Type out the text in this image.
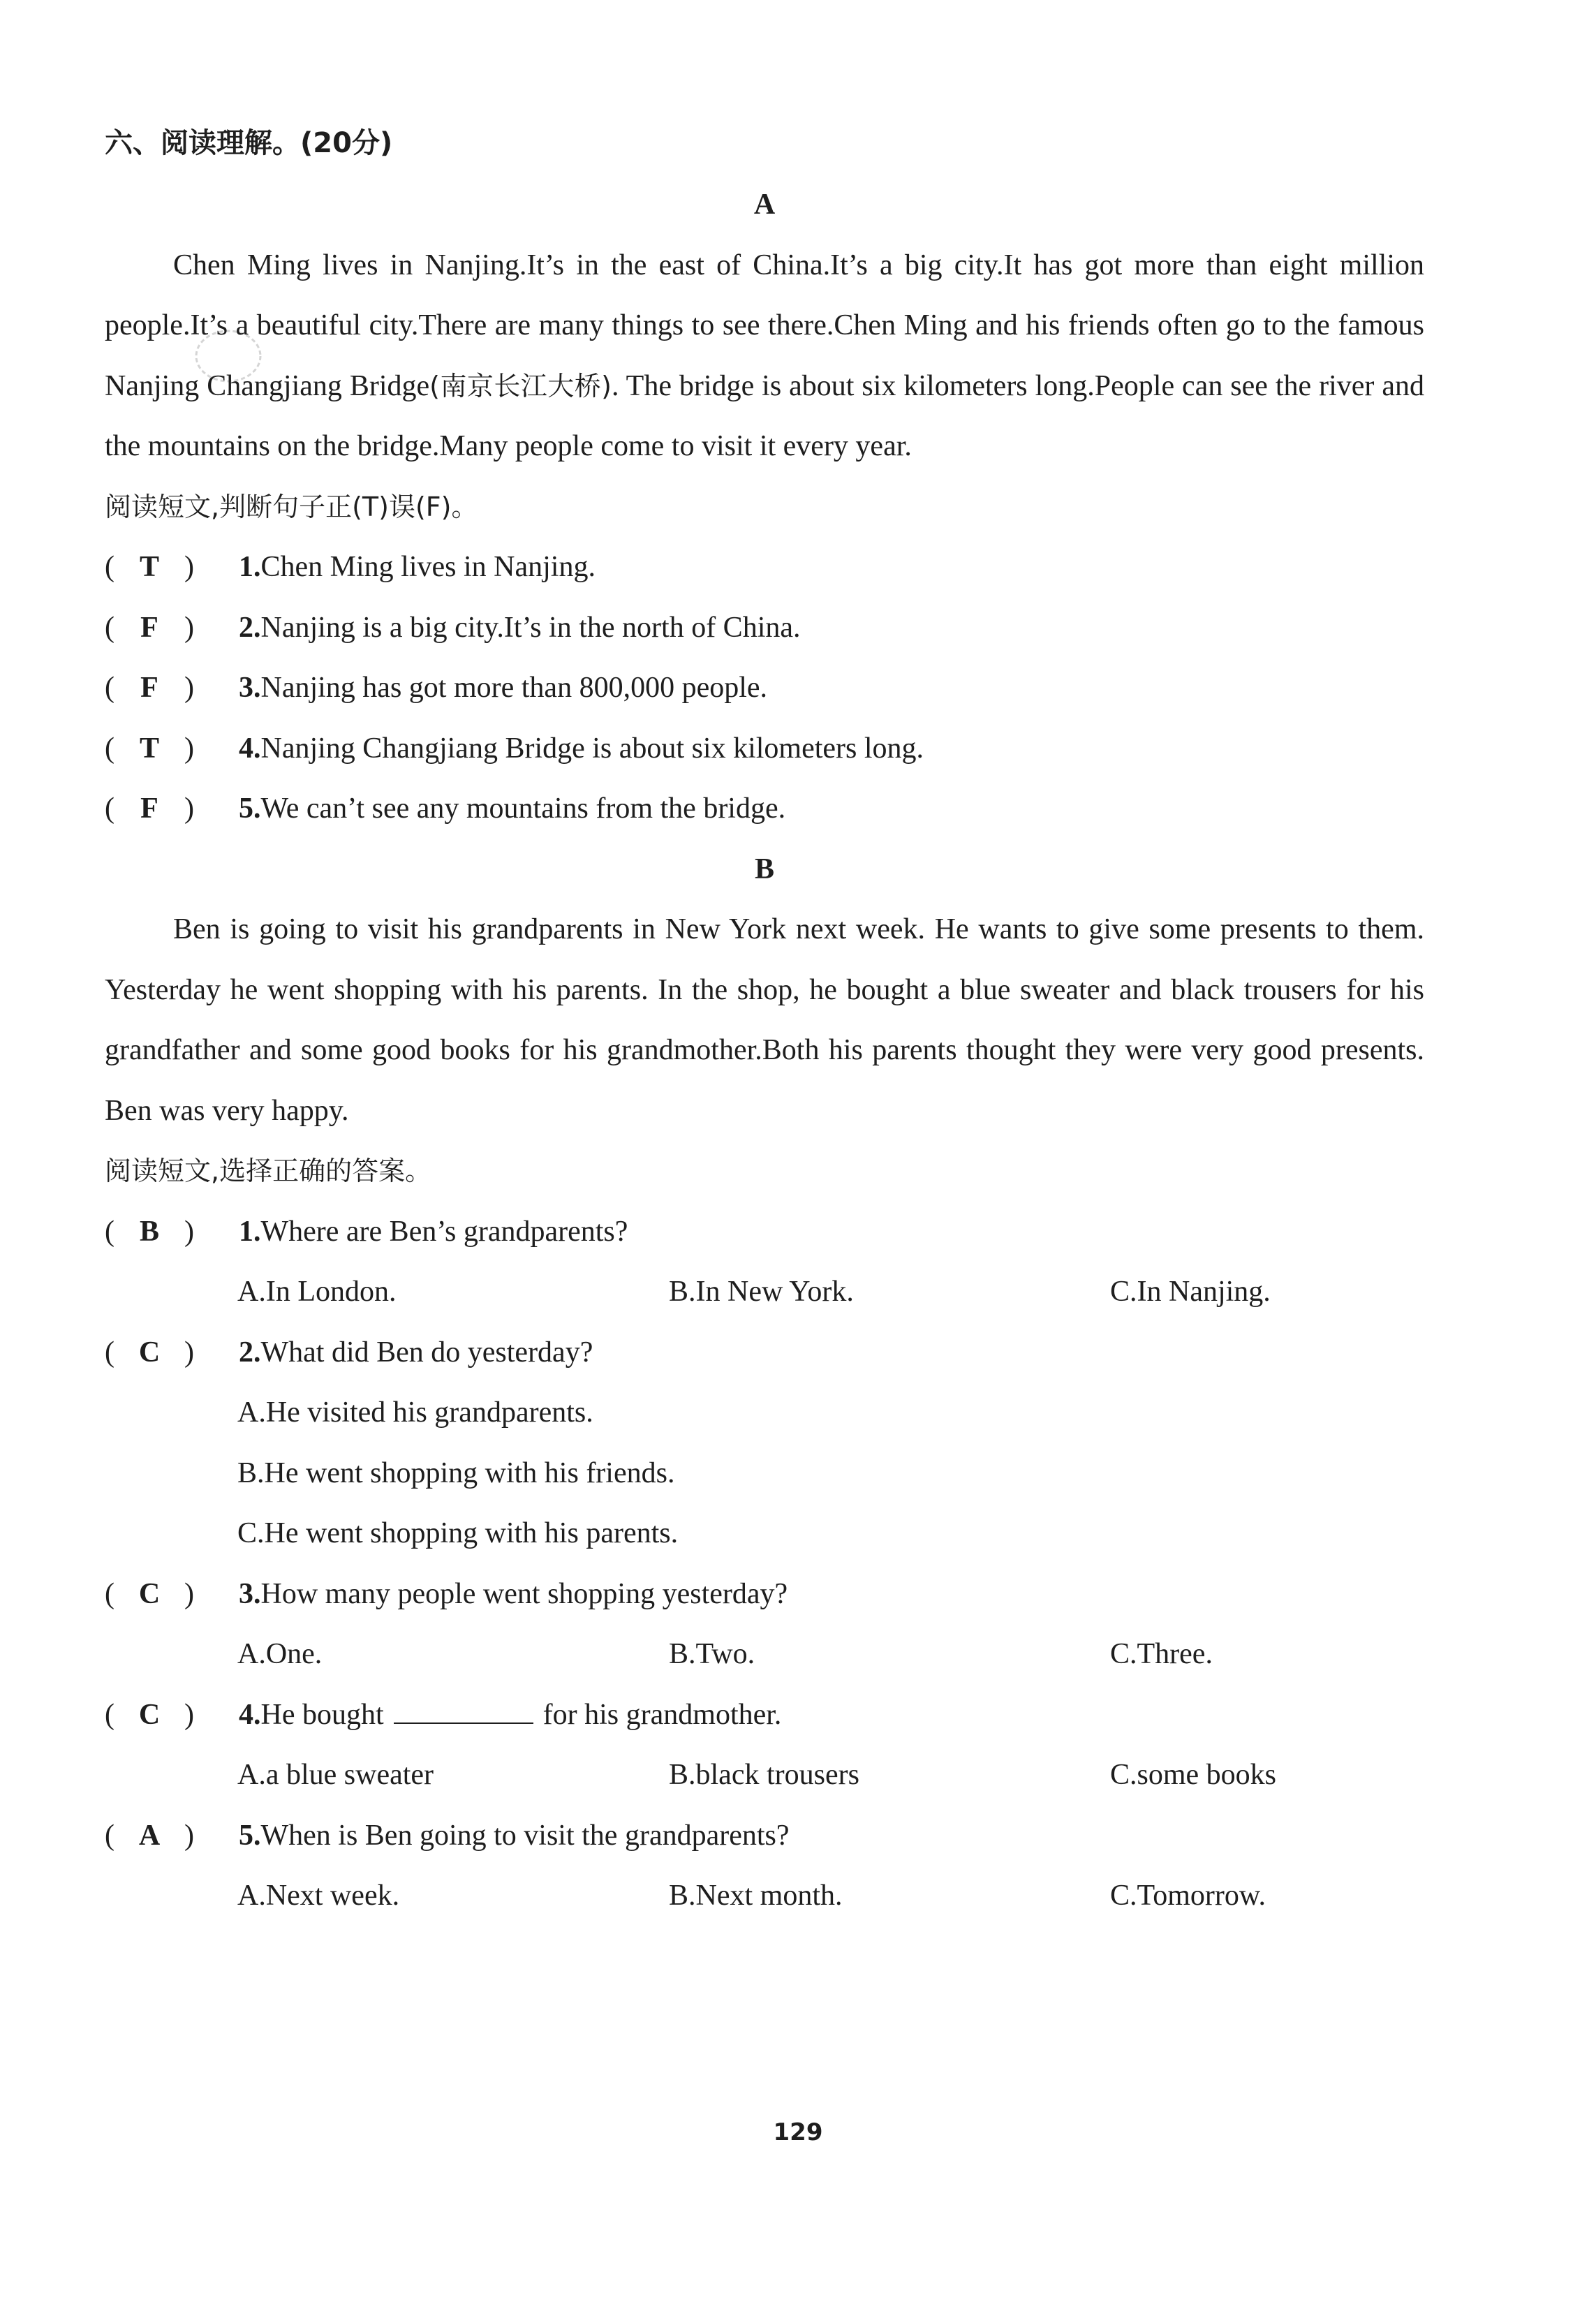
六、阅读理解。(20分)
A
Chen Ming lives in Nanjing.It’s in the east of China.It’s a big city.It has got more than eight million people.It’s a beautiful city.There are many things to see there.Chen Ming and his friends often go to the famous Nanjing Changjiang Bridge(南京长江大桥). The bridge is about six kilometers long.People can see the river and the mountains on the bridge.Many people come to visit it every year.
阅读短文,判断句子正(T)误(F)。
( T )	1. Chen Ming lives in Nanjing.
( F )	2. Nanjing is a big city.It’s in the north of China.
( F )	3. Nanjing has got more than 800,000 people.
( T )	4. Nanjing Changjiang Bridge is about six kilometers long.
( F )	5. We can’t see any mountains from the bridge.
B
Ben is going to visit his grandparents in New York next week. He wants to give some presents to them. Yesterday he went shopping with his parents. In the shop, he bought a blue sweater and black trousers for his grandfather and some good books for his grandmother.Both his parents thought they were very good presents. Ben was very happy.
阅读短文,选择正确的答案。
( B )	1. Where are Ben’s grandparents?
A.In London.	B.In New York.	C.In Nanjing.
( C )	2. What did Ben do yesterday?
A.He visited his grandparents.
B.He went shopping with his friends.
C.He went shopping with his parents.
( C )	3. How many people went shopping yesterday?
A.One.	B.Two.	C.Three.
( C )	4. He bought	for his grandmother.
A.a blue sweater	B.black trousers	C.some books
( A )	5. When is Ben going to visit the grandparents?
A.Next week.	B.Next month.	C.Tomorrow.
129
